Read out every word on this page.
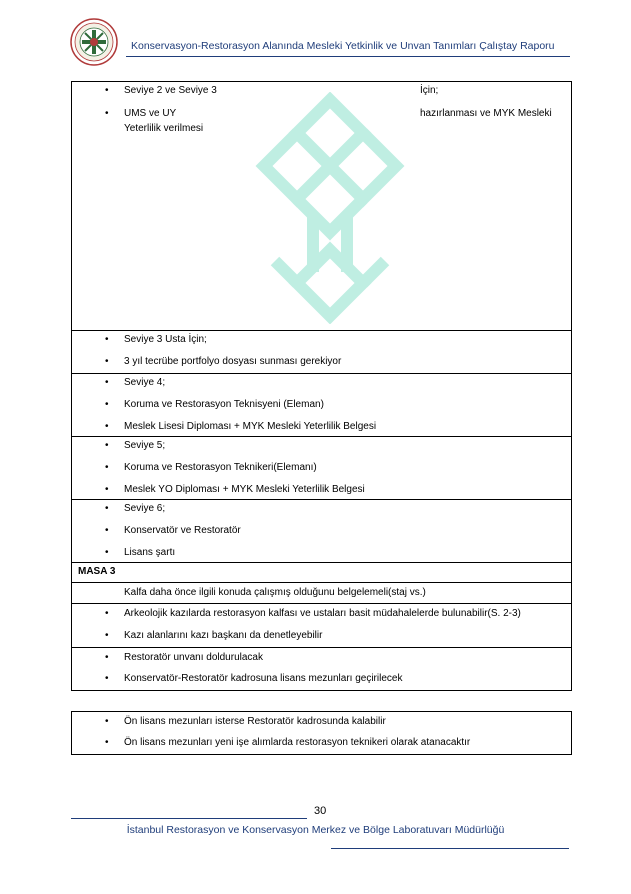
Konservasyon-Restorasyon Alanında Mesleki Yetkinlik ve Unvan Tanımları Çalıştay Raporu
• Seviye 2 ve Seviye 3
• UMS ve UY
Yeterlilik verilmesi
İçin;
hazırlanması ve MYK Mesleki
• Seviye 3 Usta İçin;
• 3 yıl tecrübe portfolyo dosyası sunması gerekiyor
• Seviye 4;
• Koruma ve Restorasyon Teknisyeni (Eleman)
• Meslek Lisesi Diplоması + MYK Mesleki Yeterlilik Belgesi
• Seviye 5;
• Koruma ve Restorasyon Teknikeri(Elemanı)
• Meslek YO Diploması + MYK Mesleki Yeterlilik Belgesi
• Seviye 6;
• Konservatör ve Restoratör
• Lisans şartı
MASA 3
Kalfa daha önce ilgili konuda çalışmış olduğunu belgelemeli(staj vs.)
• Arkeolojik kazılarda restorasyon kalfası ve ustaları basit müdahalelerde bulunabilir(S. 2-3)
• Kazı alanlarını kazı başkanı da denetleyebilir
• Restoratör unvanı doldurulacak
• Konservatör-Restoratör kadrosuna lisans mezunları geçirilecek
• Ön lisans mezunları isterse Restoratör kadrosunda kalabilir
• Ön lisans mezunları yeni işe alımlarda restorasyon teknikeri olarak atanacaktır
30
İstanbul Restorasyon ve Konservasyon Merkez ve Bölge Laboratuvarı Müdürlüğü
